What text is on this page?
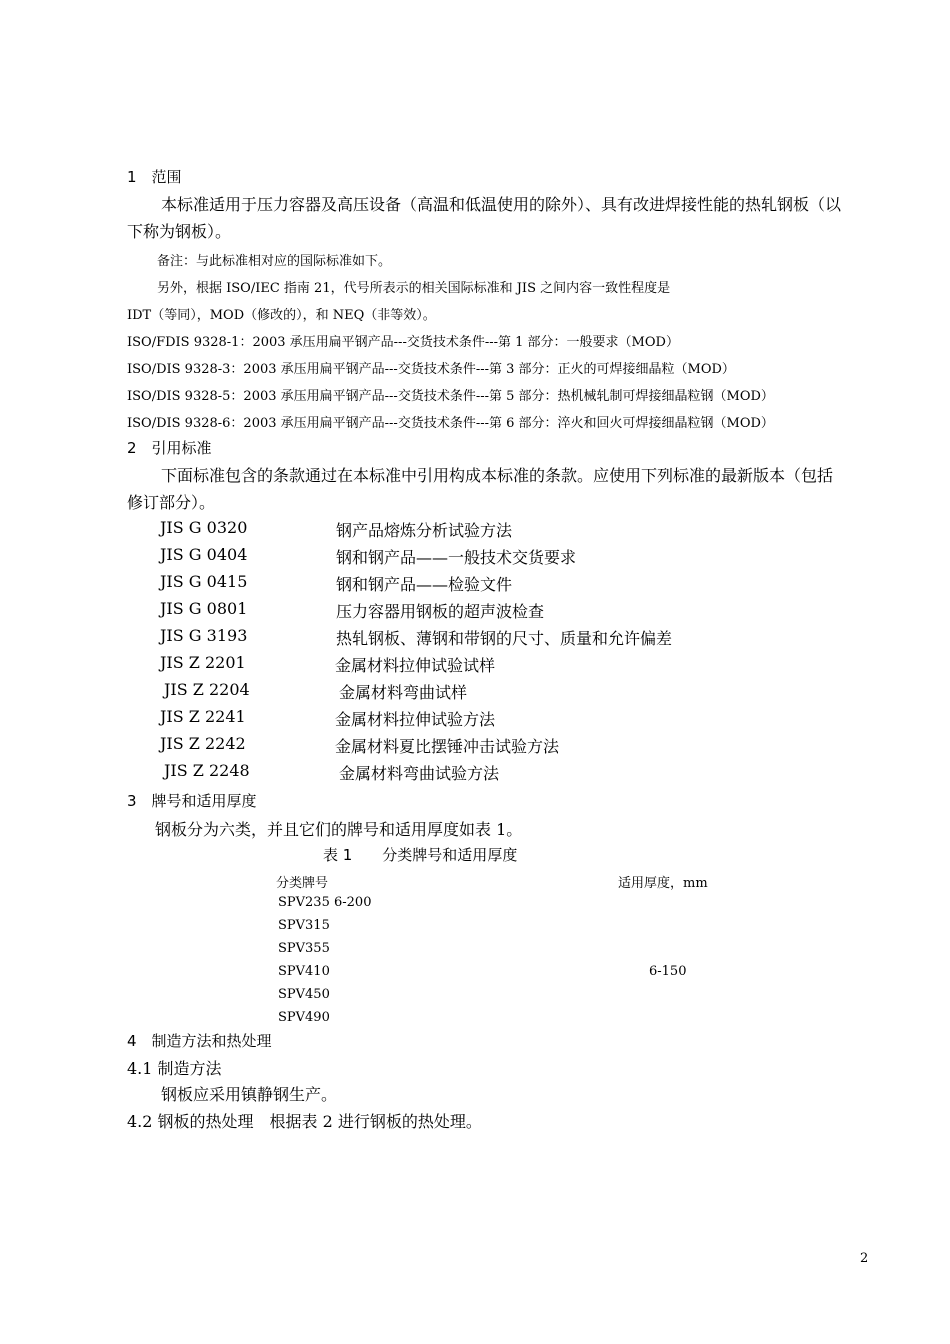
1　范围
本标准适用于压力容器及高压设备（高温和低温使用的除外）、具有改进焊接性能的热轧钢板（以
下称为钢板）。
备注：与此标准相对应的国际标准如下。
另外，根据 ISO/IEC 指南 21，代号所表示的相关国际标准和 JIS 之间内容一致性程度是
IDT（等同），MOD（修改的），和 NEQ（非等效）。
ISO/FDIS 9328-1：2003 承压用扁平钢产品---交货技术条件---第 1 部分：一般要求（MOD）
ISO/DIS 9328-3：2003 承压用扁平钢产品---交货技术条件---第 3 部分：正火的可焊接细晶粒（MOD）
ISO/DIS 9328-5：2003 承压用扁平钢产品---交货技术条件---第 5 部分：热机械轧制可焊接细晶粒钢（MOD）
ISO/DIS 9328-6：2003 承压用扁平钢产品---交货技术条件---第 6 部分：淬火和回火可焊接细晶粒钢（MOD）
2　引用标准
下面标准包含的条款通过在本标准中引用构成本标准的条款。应使用下列标准的最新版本（包括
修订部分）。
JIS G 0320	钢产品熔炼分析试验方法
JIS G 0404	钢和钢产品——一般技术交货要求
JIS G 0415	钢和钢产品——检验文件
JIS G 0801	压力容器用钢板的超声波检查
JIS G 3193	热轧钢板、薄钢和带钢的尺寸、质量和允许偏差
JIS Z 2201	金属材料拉伸试验试样
JIS Z 2204	金属材料弯曲试样
JIS Z 2241	金属材料拉伸试验方法
JIS Z 2242	金属材料夏比摆锤冲击试验方法
JIS Z 2248	金属材料弯曲试验方法
3　牌号和适用厚度
钢板分为六类，并且它们的牌号和适用厚度如表 1。
表 1　　分类牌号和适用厚度
分类牌号	适用厚度，mm
SPV235 6-200
SPV315
SPV355
SPV410	6-150
SPV450
SPV490
4　制造方法和热处理
4.1 制造方法
钢板应采用镇静钢生产。
4.2 钢板的热处理　根据表 2 进行钢板的热处理。
2
